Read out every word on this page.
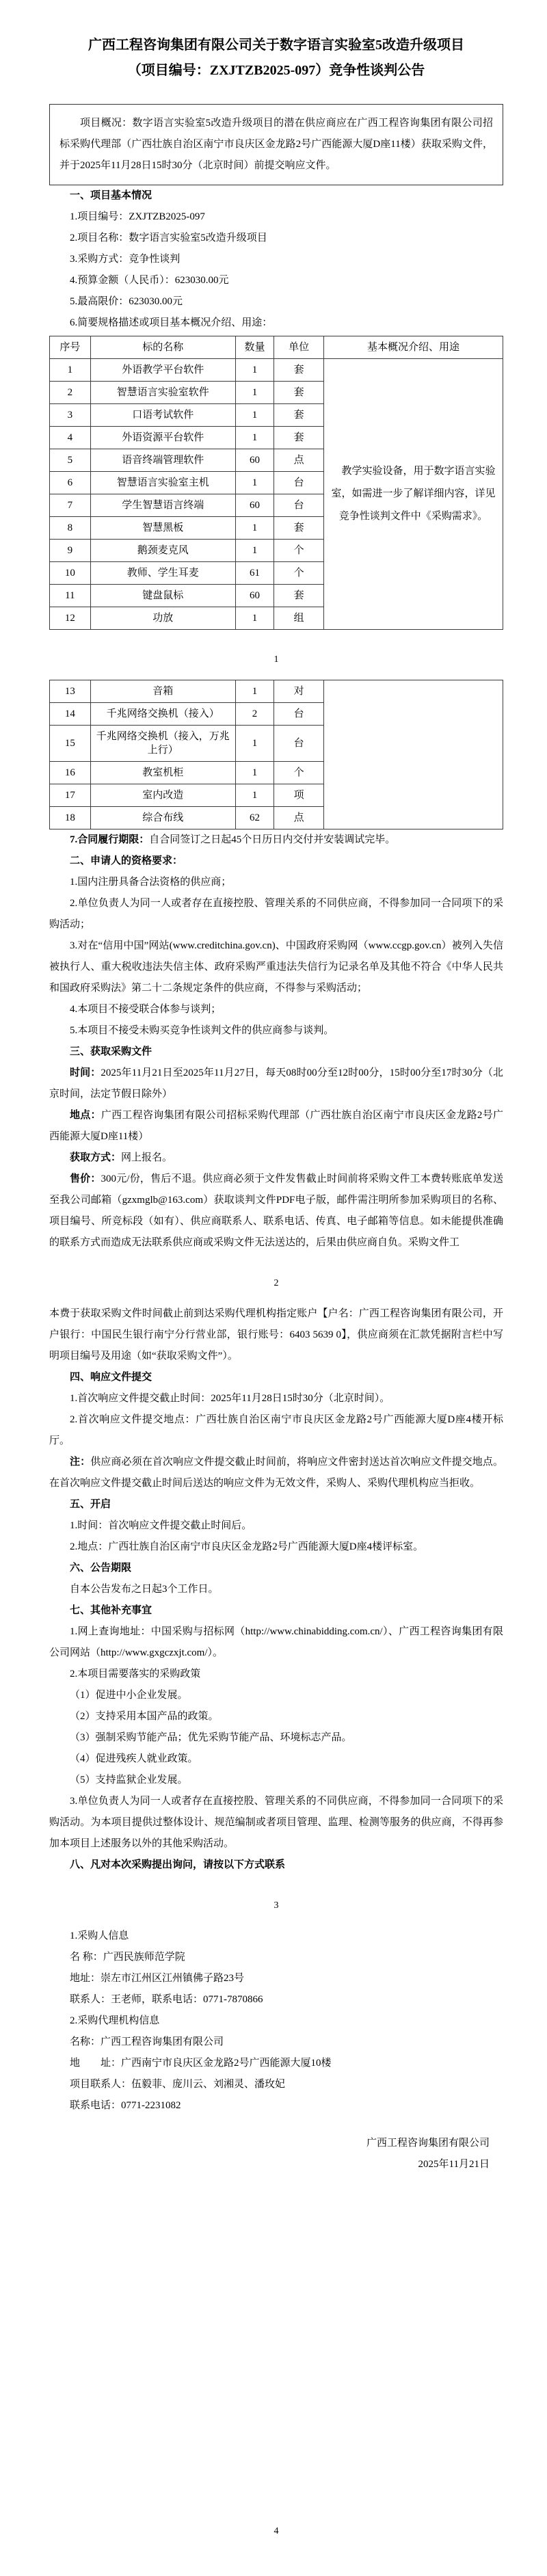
广西工程咨询集团有限公司关于数字语言实验室5改造升级项目
（项目编号：ZXJTZB2025-097）竞争性谈判公告

项目概况：数字语言实验室5改造升级项目的潜在供应商应在广西工程咨询集团有限公司招标采购代理部（广西壮族自治区南宁市良庆区金龙路2号广西能源大厦D座11楼）获取采购文件，并于2025年11月28日15时30分（北京时间）前提交响应文件。

一、项目基本情况

1.项目编号：ZXJTZB2025-097

2.项目名称：数字语言实验室5改造升级项目

3.采购方式：竞争性谈判

4.预算金额（人民币）：623030.00元

5.最高限价：623030.00元

6.简要规格描述或项目基本概况介绍、用途：

序号	标的名称	数量	单位	基本概况介绍、用途
1	外语教学平台软件	1	套	教学实验设备，用于数字语言实验室，如需进一步了解详细内容，详见竞争性谈判文件中《采购需求》。

2	智慧语言实验室软件	1	套	
3	口语考试软件	1	套	
4	外语资源平台软件	1	套	
5	语音终端管理软件	60	点	
6	智慧语言实验室主机	1	台	
7	学生智慧语言终端	60	台	
8	智慧黑板	1	套	
9	鹅颈麦克风	1	个	
10	教师、学生耳麦	61	个	
11	键盘鼠标	60	套	
12	功放	1	组	
1
13	音箱	1	对	
14	千兆网络交换机（接入）	2	台	
15	千兆网络交换机（接入，万兆上行）	1	台	
16	教室机柜	1	个	
17	室内改造	1	项	
18	综合布线	62	点	
7.合同履行期限：自合同签订之日起45个日历日内交付并安装调试完毕。
二、申请人的资格要求：
1.国内注册具备合法资格的供应商；
2.单位负责人为同一人或者存在直接控股、管理关系的不同供应商，不得参加同一合同项下的采购活动；
3.对在“信用中国”网站(www.creditchina.gov.cn)、中国政府采购网（www.ccgp.gov.cn）被列入失信被执行人、重大税收违法失信主体、政府采购严重违法失信行为记录名单及其他不符合《中华人民共和国政府采购法》第二十二条规定条件的供应商，不得参与采购活动；
4.本项目不接受联合体参与谈判；
5.本项目不接受未购买竞争性谈判文件的供应商参与谈判。
三、获取采购文件
时间：2025年11月21日至2025年11月27日，每天08时00分至12时00分，15时00分至17时30分（北京时间，法定节假日除外）
地点：广西工程咨询集团有限公司招标采购代理部（广西壮族自治区南宁市良庆区金龙路2号广西能源大厦D座11楼）
获取方式：网上报名。
售价：300元/份，售后不退。供应商必须于文件发售截止时间前将采购文件工本费转账底单发送至我公司邮箱（gzxmglb@163.com）获取谈判文件PDF电子版，邮件需注明所参加采购项目的名称、项目编号、所竞标段（如有）、供应商联系人、联系电话、传真、电子邮箱等信息。如未能提供准确的联系方式而造成无法联系供应商或采购文件无法送达的，后果由供应商自负。采购文件工
2
本费于获取采购文件时间截止前到达采购代理机构指定账户【户名：广西工程咨询集团有限公司，开户银行：中国民生银行南宁分行营业部，银行账号：6403 5639 0】，供应商须在汇款凭据附言栏中写明项目编号及用途（如“获取采购文件”）。
四、响应文件提交
1.首次响应文件提交截止时间：2025年11月28日15时30分（北京时间）。
2.首次响应文件提交地点：广西壮族自治区南宁市良庆区金龙路2号广西能源大厦D座4楼开标厅。
注：供应商必须在首次响应文件提交截止时间前，将响应文件密封送达首次响应文件提交地点。在首次响应文件提交截止时间后送达的响应文件为无效文件，采购人、采购代理机构应当拒收。
五、开启
1.时间：首次响应文件提交截止时间后。
2.地点：广西壮族自治区南宁市良庆区金龙路2号广西能源大厦D座4楼评标室。
六、公告期限
自本公告发布之日起3个工作日。
七、其他补充事宜
1.网上查询地址：中国采购与招标网（http://www.chinabidding.com.cn/）、广西工程咨询集团有限公司网站（http://www.gxgczxjt.com/）。
2.本项目需要落实的采购政策
（1）促进中小企业发展。
（2）支持采用本国产品的政策。
（3）强制采购节能产品；优先采购节能产品、环境标志产品。
（4）促进残疾人就业政策。
（5）支持监狱企业发展。
3.单位负责人为同一人或者存在直接控股、管理关系的不同供应商，不得参加同一合同项下的采购活动。为本项目提供过整体设计、规范编制或者项目管理、监理、检测等服务的供应商，不得再参加本项目上述服务以外的其他采购活动。
八、凡对本次采购提出询问，请按以下方式联系
3
1.采购人信息
名 称：广西民族师范学院
地址：崇左市江州区江州镇佛子路23号
联系人：王老师，联系电话：0771-7870866
2.采购代理机构信息
名称：广西工程咨询集团有限公司
地　　址：广西南宁市良庆区金龙路2号广西能源大厦10楼
项目联系人：伍毅菲、庞川云、刘湘灵、潘玫妃
联系电话：0771-2231082

广西工程咨询集团有限公司

2025年11月21日

4
